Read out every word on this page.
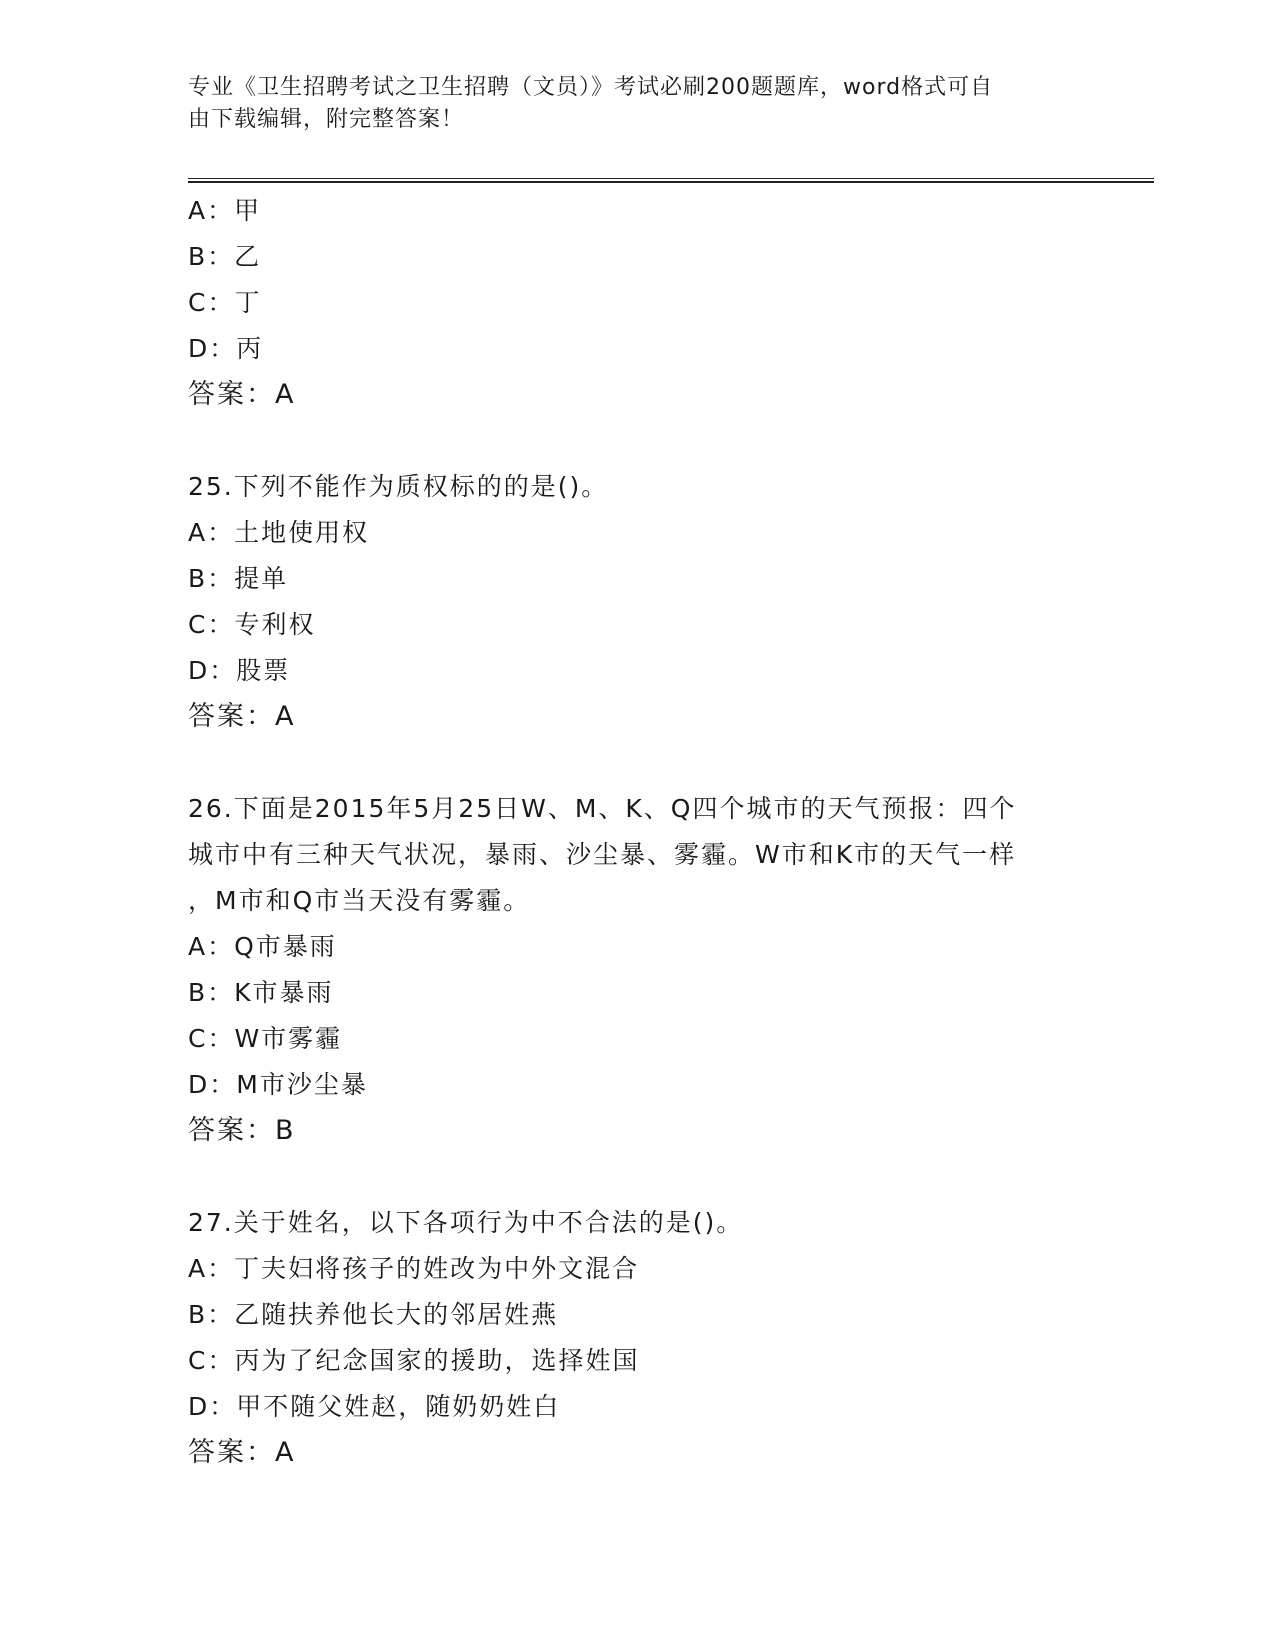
专业《卫生招聘考试之卫生招聘（文员）》考试必刷200题题库，word格式可自
由下载编辑，附完整答案！
A：甲
B：乙
C：丁
D：丙
答案：A
25.下列不能作为质权标的的是()。
A：土地使用权
B：提单
C：专利权
D：股票
答案：A
26.下面是2015年5月25日W、M、K、Q四个城市的天气预报：四个
城市中有三种天气状况，暴雨、沙尘暴、雾霾。W市和K市的天气一样
，M市和Q市当天没有雾霾。
A：Q市暴雨
B：K市暴雨
C：W市雾霾
D：M市沙尘暴
答案：B
27.关于姓名，以下各项行为中不合法的是()。
A：丁夫妇将孩子的姓改为中外文混合
B：乙随扶养他长大的邻居姓燕
C：丙为了纪念国家的援助，选择姓国
D：甲不随父姓赵，随奶奶姓白
答案：A
